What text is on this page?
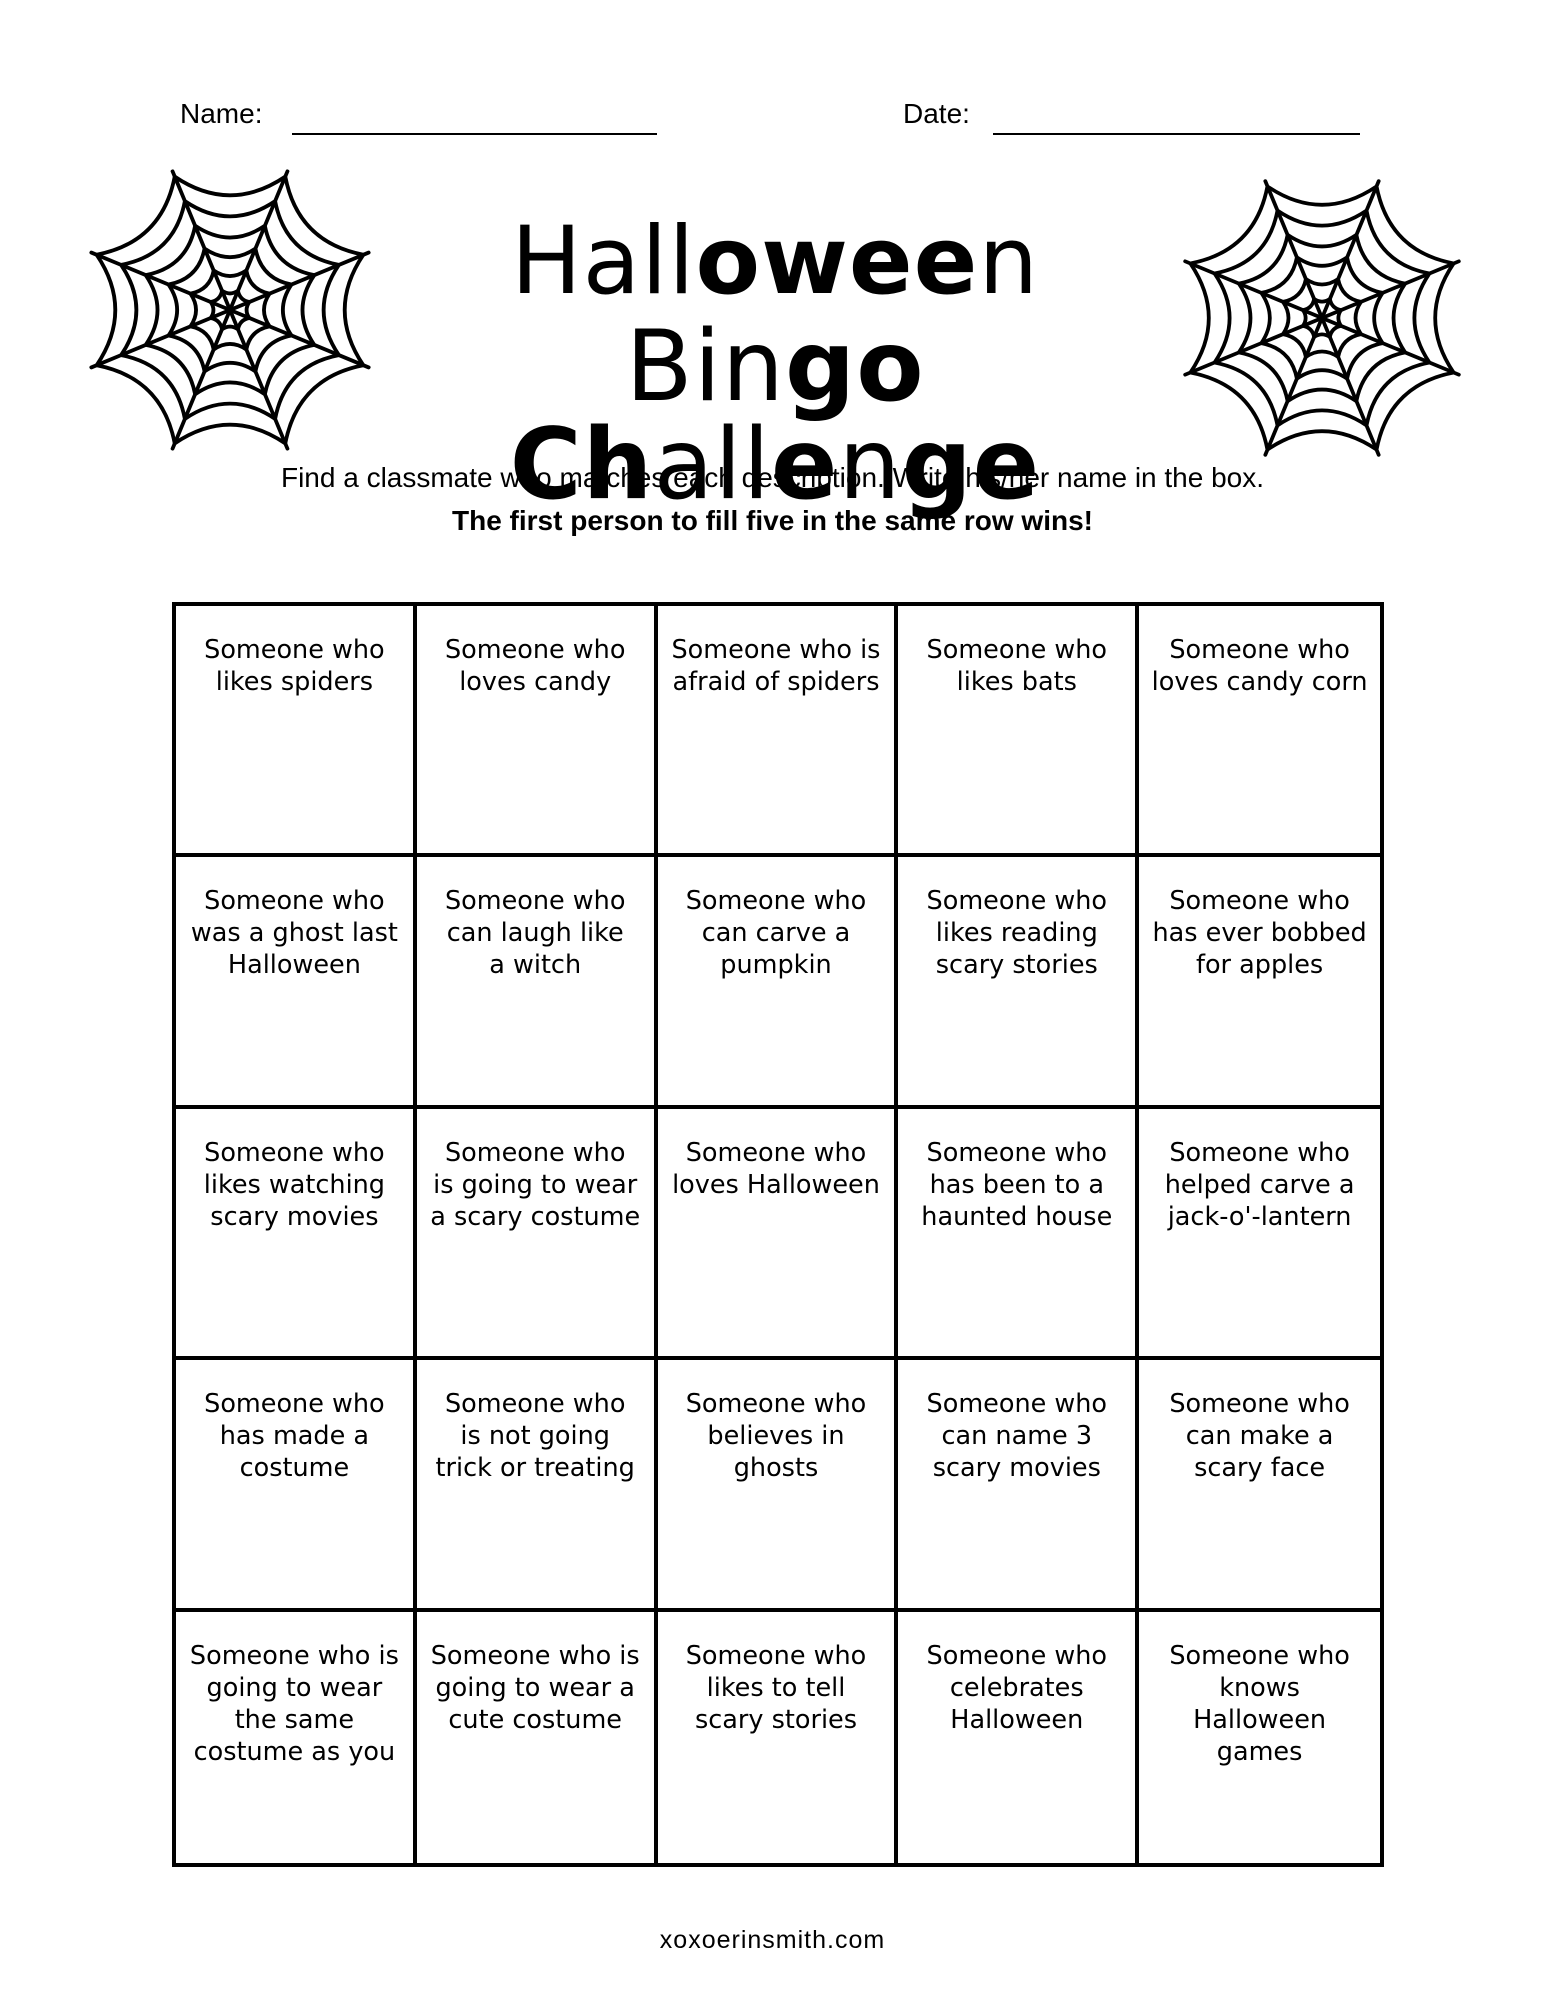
Name:	Date:
Halloween
Bingo Challenge
Find a classmate who matches each description. Write his/her name in the box.
The first person to fill five in the same row wins!
Someone who
likes spiders
Someone who
loves candy
Someone who is
afraid of spiders
Someone who
likes bats
Someone who
loves candy corn
Someone who
was a ghost last
Halloween
Someone who
can laugh like
a witch
Someone who
can carve a
pumpkin
Someone who
likes reading
scary stories
Someone who
has ever bobbed
for apples
Someone who
likes watching
scary movies
Someone who
is going to wear
a scary costume
Someone who
loves Halloween
Someone who
has been to a
haunted house
Someone who
helped carve a
jack-o'-lantern
Someone who
has made a
costume
Someone who
is not going
trick or treating
Someone who
believes in
ghosts
Someone who
can name 3
scary movies
Someone who
can make a
scary face
Someone who is
going to wear
the same
costume as you
Someone who is
going to wear a
cute costume
Someone who
likes to tell
scary stories
Someone who
celebrates
Halloween
Someone who
knows
Halloween
games
xoxoerinsmith.com
